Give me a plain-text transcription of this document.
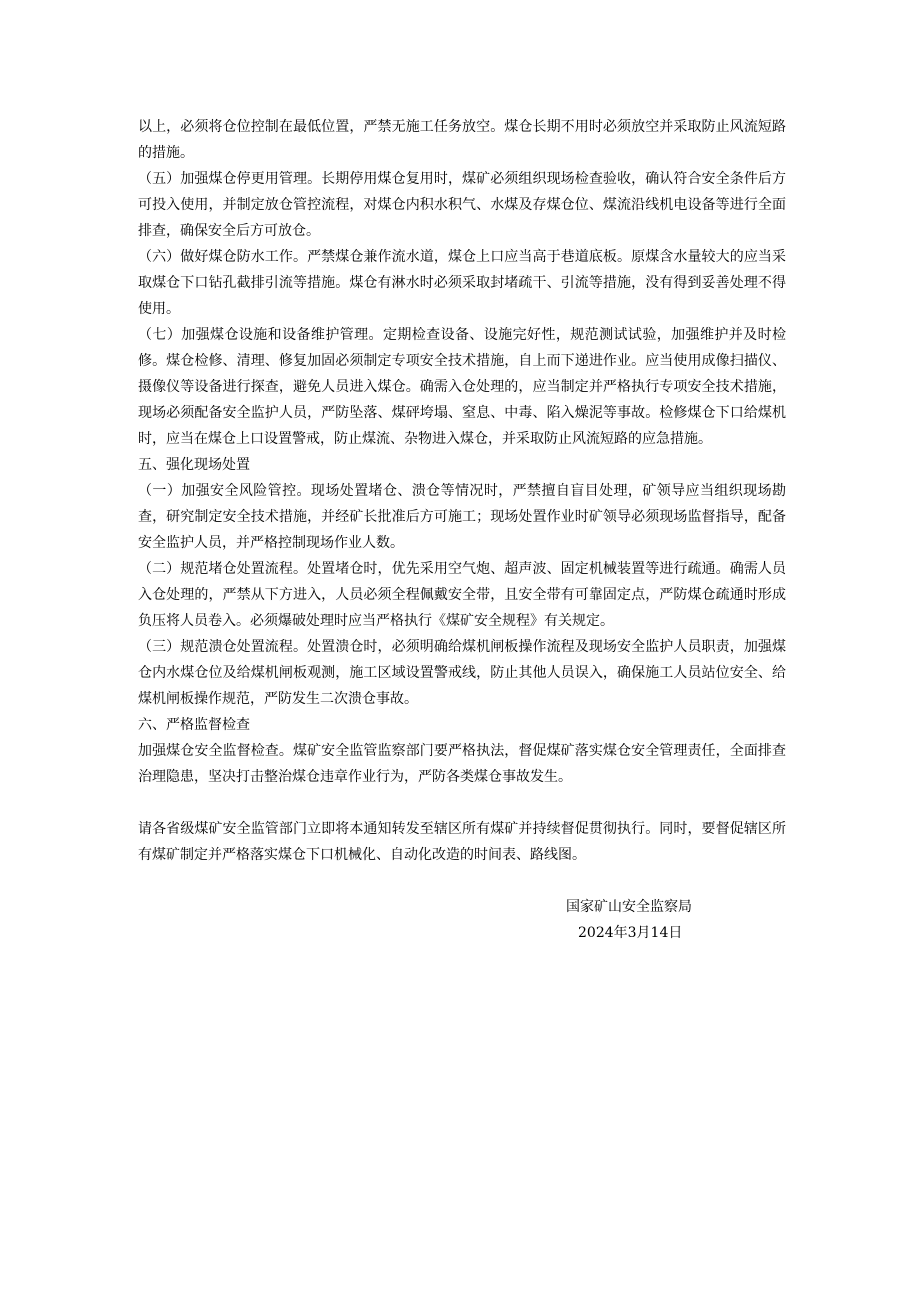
以上，必须将仓位控制在最低位置，严禁无施工任务放空。煤仓长期不用时必须放空并采取防止风流短路的措施。

（五）加强煤仓停更用管理。长期停用煤仓复用时，煤矿必须组织现场检查验收，确认符合安全条件后方可投入使用，并制定放仓管控流程，对煤仓内积水积气、水煤及存煤仓位、煤流沿线机电设备等进行全面排查，确保安全后方可放仓。

（六）做好煤仓防水工作。严禁煤仓兼作流水道，煤仓上口应当高于巷道底板。原煤含水量较大的应当采取煤仓下口钻孔截排引流等措施。煤仓有淋水时必须采取封堵疏干、引流等措施，没有得到妥善处理不得使用。

（七）加强煤仓设施和设备维护管理。定期检查设备、设施完好性，规范测试试验，加强维护并及时检修。煤仓检修、清理、修复加固必须制定专项安全技术措施，自上而下递进作业。应当使用成像扫描仪、摄像仪等设备进行探查，避免人员进入煤仓。确需入仓处理的，应当制定并严格执行专项安全技术措施，现场必须配备安全监护人员，严防坠落、煤砰垮塌、窒息、中毒、陷入燥泥等事故。检修煤仓下口给煤机时，应当在煤仓上口设置警戒，防止煤流、杂物进入煤仓，并采取防止风流短路的应急措施。

五、强化现场处置

（一）加强安全风险管控。现场处置堵仓、溃仓等情况时，严禁擅自盲目处理，矿领导应当组织现场勘查，研究制定安全技术措施，并经矿长批准后方可施工；现场处置作业时矿领导必须现场监督指导，配备安全监护人员，并严格控制现场作业人数。

（二）规范堵仓处置流程。处置堵仓时，优先采用空气炮、超声波、固定机械装置等进行疏通。确需人员入仓处理的，严禁从下方进入，人员必须全程佩戴安全带，且安全带有可靠固定点，严防煤仓疏通时形成负压将人员卷入。必须爆破处理时应当严格执行《煤矿安全规程》有关规定。

（三）规范溃仓处置流程。处置溃仓时，必须明确给煤机闸板操作流程及现场安全监护人员职责，加强煤仓内水煤仓位及给煤机闸板观测，施工区域设置警戒线，防止其他人员误入，确保施工人员站位安全、给煤机闸板操作规范，严防发生二次溃仓事故。

六、严格监督检查

加强煤仓安全监督检查。煤矿安全监管监察部门要严格执法，督促煤矿落实煤仓安全管理责任，全面排查治理隐患，坚决打击整治煤仓违章作业行为，严防各类煤仓事故发生。

请各省级煤矿安全监管部门立即将本通知转发至辖区所有煤矿并持续督促贯彻执行。同时，要督促辖区所有煤矿制定并严格落实煤仓下口机械化、自动化改造的时间表、路线图。

国家矿山安全监察局

2024年3月14日
